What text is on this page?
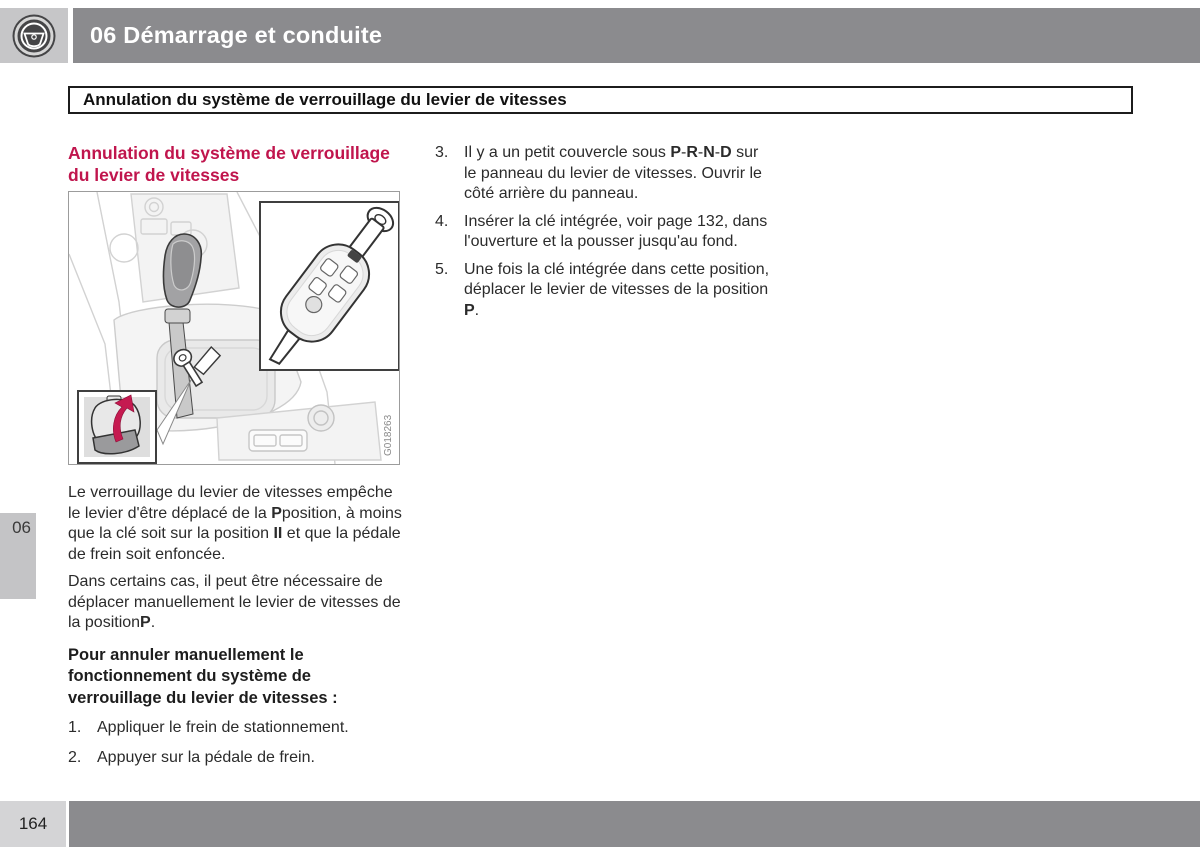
06 Démarrage et conduite
Annulation du système de verrouillage du levier de vitesses
Annulation du système de verrouillage du levier de vitesses
G018263

Le verrouillage du levier de vitesses empêche le levier d'être déplacé de la Pposition, à moins que la clé soit sur la position II et que la pédale de frein soit enfoncée.

Dans certains cas, il peut être nécessaire de déplacer manuellement le levier de vitesses de la positionP.

Pour annuler manuellement le fonctionnement du système de verrouillage du levier de vitesses :
1. Appliquer le frein de stationnement.
2. Appuyer sur la pédale de frein.
3. Il y a un petit couvercle sous P-R-N-D sur le panneau du levier de vitesses. Ouvrir le côté arrière du panneau.
4. Insérer la clé intégrée, voir page 132, dans l'ouverture et la pousser jusqu'au fond.
5. Une fois la clé intégrée dans cette position, déplacer le levier de vitesses de la position P.
06
164
